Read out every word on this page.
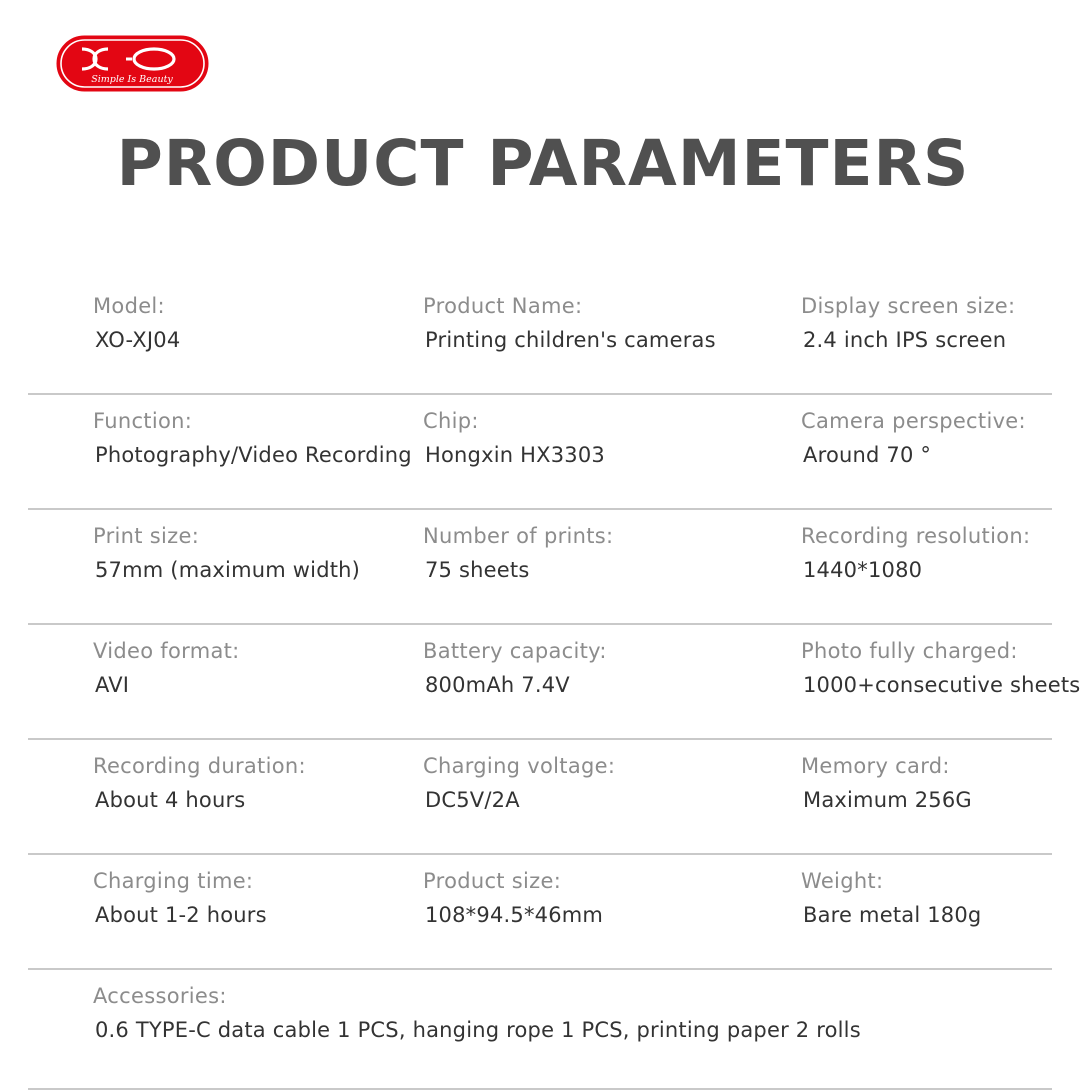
Simple Is Beauty
PRODUCT PARAMETERS
Model:
XO-XJ04
Product Name:
Printing children's cameras
Display screen size:
2.4 inch IPS screen
Function:
Photography/Video Recording
Chip:
Hongxin HX3303
Camera perspective:
Around 70 °
Print size:
57mm (maximum width)
Number of prints:
75 sheets
Recording resolution:
1440*1080
Video format:
AVI
Battery capacity:
800mAh 7.4V
Photo fully charged:
1000+consecutive sheets
Recording duration:
About 4 hours
Charging voltage:
DC5V/2A
Memory card:
Maximum 256G
Charging time:
About 1-2 hours
Product size:
108*94.5*46mm
Weight:
Bare metal 180g
Accessories:
0.6 TYPE-C data cable 1 PCS, hanging rope 1 PCS, printing paper 2 rolls
